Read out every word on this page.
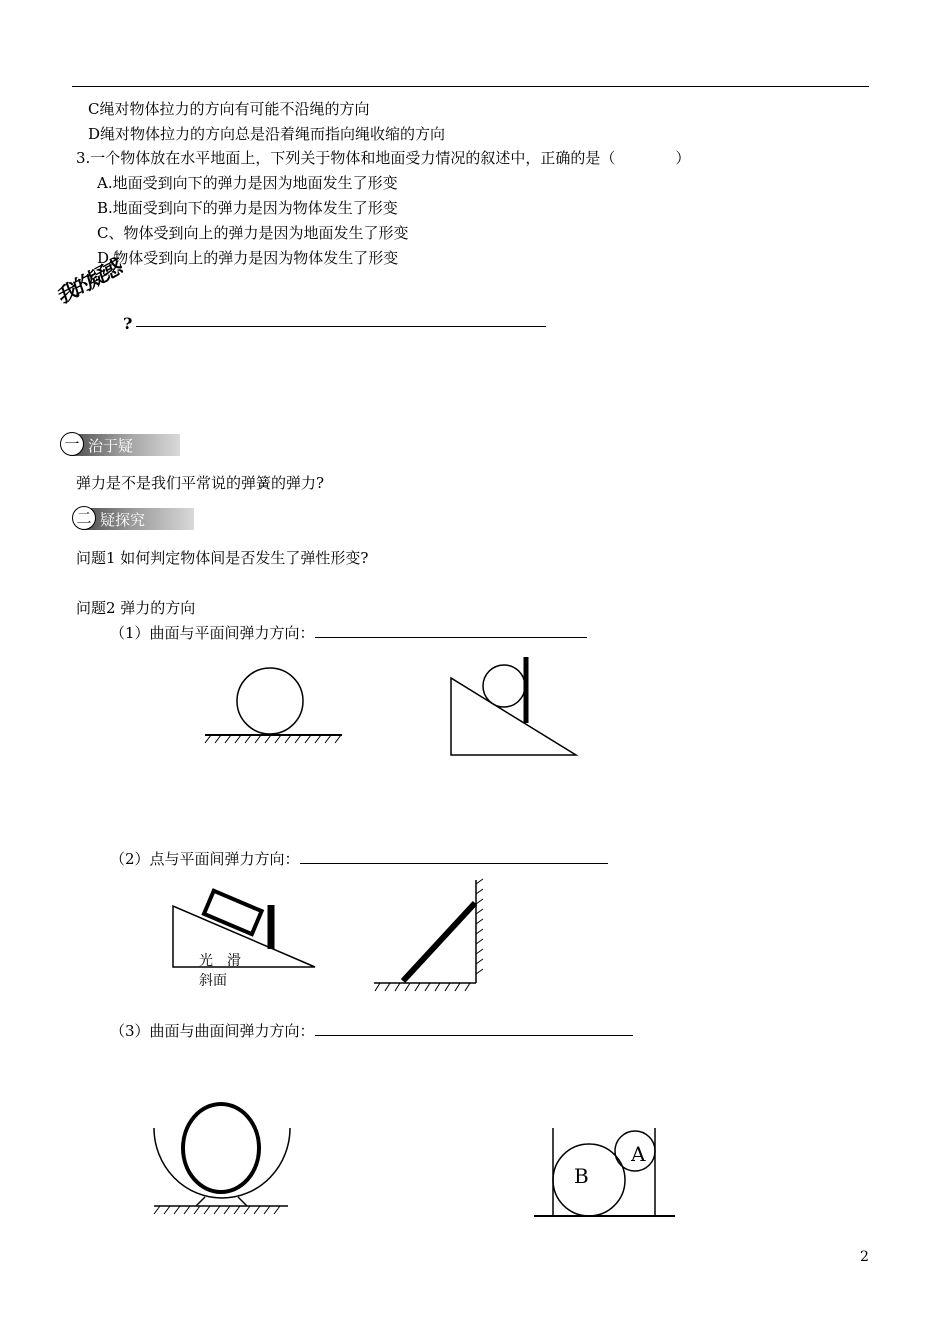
C绳对物体拉力的方向有可能不沿绳的方向
D绳对物体拉力的方向总是沿着绳而指向绳收缩的方向
3.一个物体放在水平地面上，下列关于物体和地面受力情况的叙述中，正确的是（　　　　）
A.地面受到向下的弹力是因为地面发生了形变
B.地面受到向下的弹力是因为物体发生了形变
C、物体受到向上的弹力是因为地面发生了形变
D.物体受到向上的弹力是因为物体发生了形变
我的疑惑
?
一 治于疑
弹力是不是我们平常说的弹簧的弹力?
二 疑探究
问题1 如何判定物体间是否发生了弹性形变?
问题2 弹力的方向
（1）曲面与平面间弹力方向：
（2）点与平面间弹力方向：
光　滑
斜面
（3）曲面与曲面间弹力方向：
B
A
2
